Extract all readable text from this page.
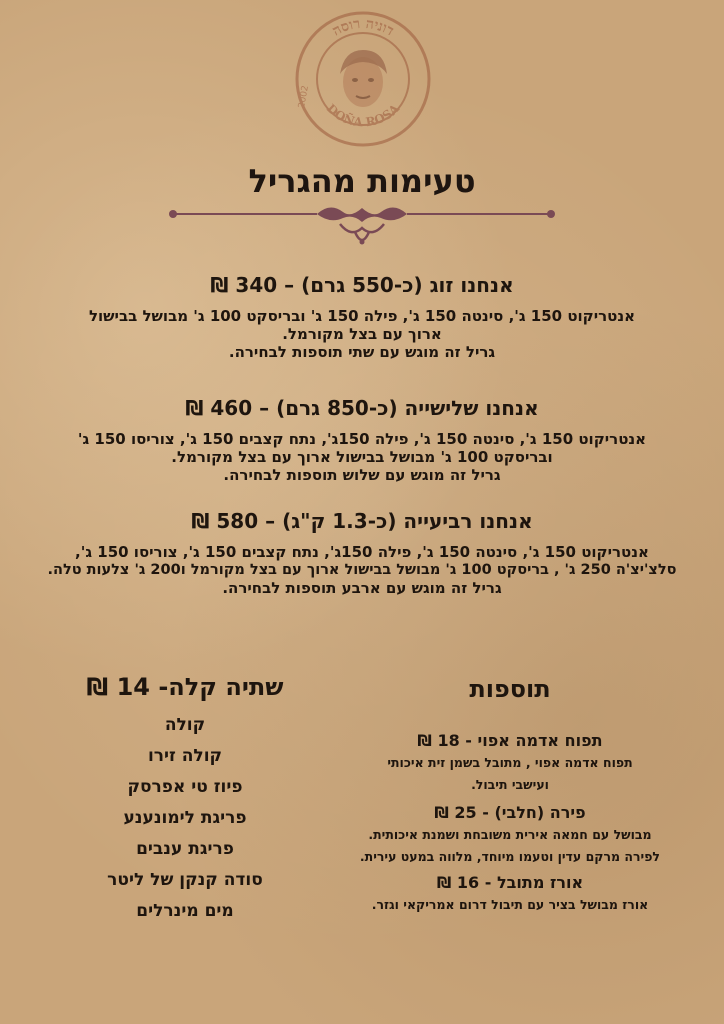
דוניה רוסה
DOÑA ROSA
2002
טעימות מהגריל
אנחנו זוג (כ-550 גרם) – 340 ₪
אנטריקוט 150 ג', סינטה 150 ג', פילה 150 ג' ובריסקט 100 ג' מבושל בבישול
ארוך עם בצל מקורמל.
גריל זה מוגש עם שתי תוספות לבחירה.
אנחנו שלישייה (כ-850 גרם) – 460 ₪
אנטריקוט 150 ג', סינטה 150 ג', פילה 150ג', נתח קצבים 150 ג', צוריסו 150 ג'
ובריסקט 100 ג' מבושל בבישול ארוך עם בצל מקורמל.
גריל זה מוגש עם שלוש תוספות לבחירה.
אנחנו רביעייה (כ-1.3 ק"ג) – 580 ₪
אנטריקוט 150 ג', סינטה 150 ג', פילה 150ג', נתח קצבים 150 ג', צוריסו 150 ג',
סלצ'יצ'ה 250 ג' , בריסקט 100 ג' מבושל בבישול ארוך עם בצל מקורמל ו200 ג' צלעות טלה.
גריל זה מוגש עם ארבע תוספות לבחירה.
שתיה קלה- 14 ₪
קולה
קולה זירו
פיוז טי אפרסק
פריגת לימונענע
פריגת ענבים
סודה קנקן של ליטר
מים מינרלים
תוספות
תפוח אדמה אפוי - 18 ₪
תפוח אדמה אפוי , מתובל בשמן זית איכותי
ועישבי תיבול.
פירה (חלבי) - 25 ₪
מבושל עם חמאה אירית משובחת ושמנת איכותית.
לפירה מרקם עדין וטעמו מיוחד, מלווה במעט עירית.
אורז מתובל - 16 ₪
אורז מבושל בציר עם תיבול דרום אמריקאי וגזר.
